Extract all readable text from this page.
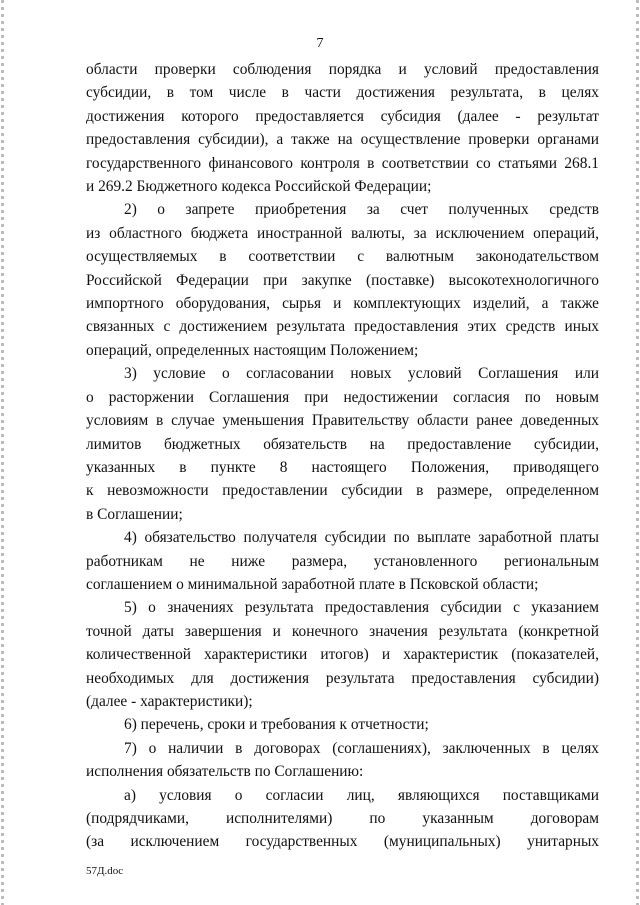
7
области проверки соблюдения порядка и условий предоставления
субсидии, в том числе в части достижения результата, в целях
достижения которого предоставляется субсидия (далее - результат
предоставления субсидии), а также на осуществление проверки органами
государственного финансового контроля в соответствии со статьями 268.1
и 269.2 Бюджетного кодекса Российской Федерации;
2) о запрете приобретения за счет полученных средств
из областного бюджета иностранной валюты, за исключением операций,
осуществляемых в соответствии с валютным законодательством
Российской Федерации при закупке (поставке) высокотехнологичного
импортного оборудования, сырья и комплектующих изделий, а также
связанных с достижением результата предоставления этих средств иных
операций, определенных настоящим Положением;
3) условие о согласовании новых условий Соглашения или
о расторжении Соглашения при недостижении согласия по новым
условиям в случае уменьшения Правительству области ранее доведенных
лимитов бюджетных обязательств на предоставление субсидии,
указанных в пункте 8 настоящего Положения, приводящего
к невозможности предоставлении субсидии в размере, определенном
в Соглашении;
4) обязательство получателя субсидии по выплате заработной платы
работникам не ниже размера, установленного региональным
соглашением о минимальной заработной плате в Псковской области;
5) о значениях результата предоставления субсидии с указанием
точной даты завершения и конечного значения результата (конкретной
количественной характеристики итогов) и характеристик (показателей,
необходимых для достижения результата предоставления субсидии)
(далее - характеристики);
6) перечень, сроки и требования к отчетности;
7) о наличии в договорах (соглашениях), заключенных в целях
исполнения обязательств по Соглашению:
а) условия о согласии лиц, являющихся поставщиками
(подрядчиками, исполнителями) по указанным договорам
(за исключением государственных (муниципальных) унитарных
57Д.doc
